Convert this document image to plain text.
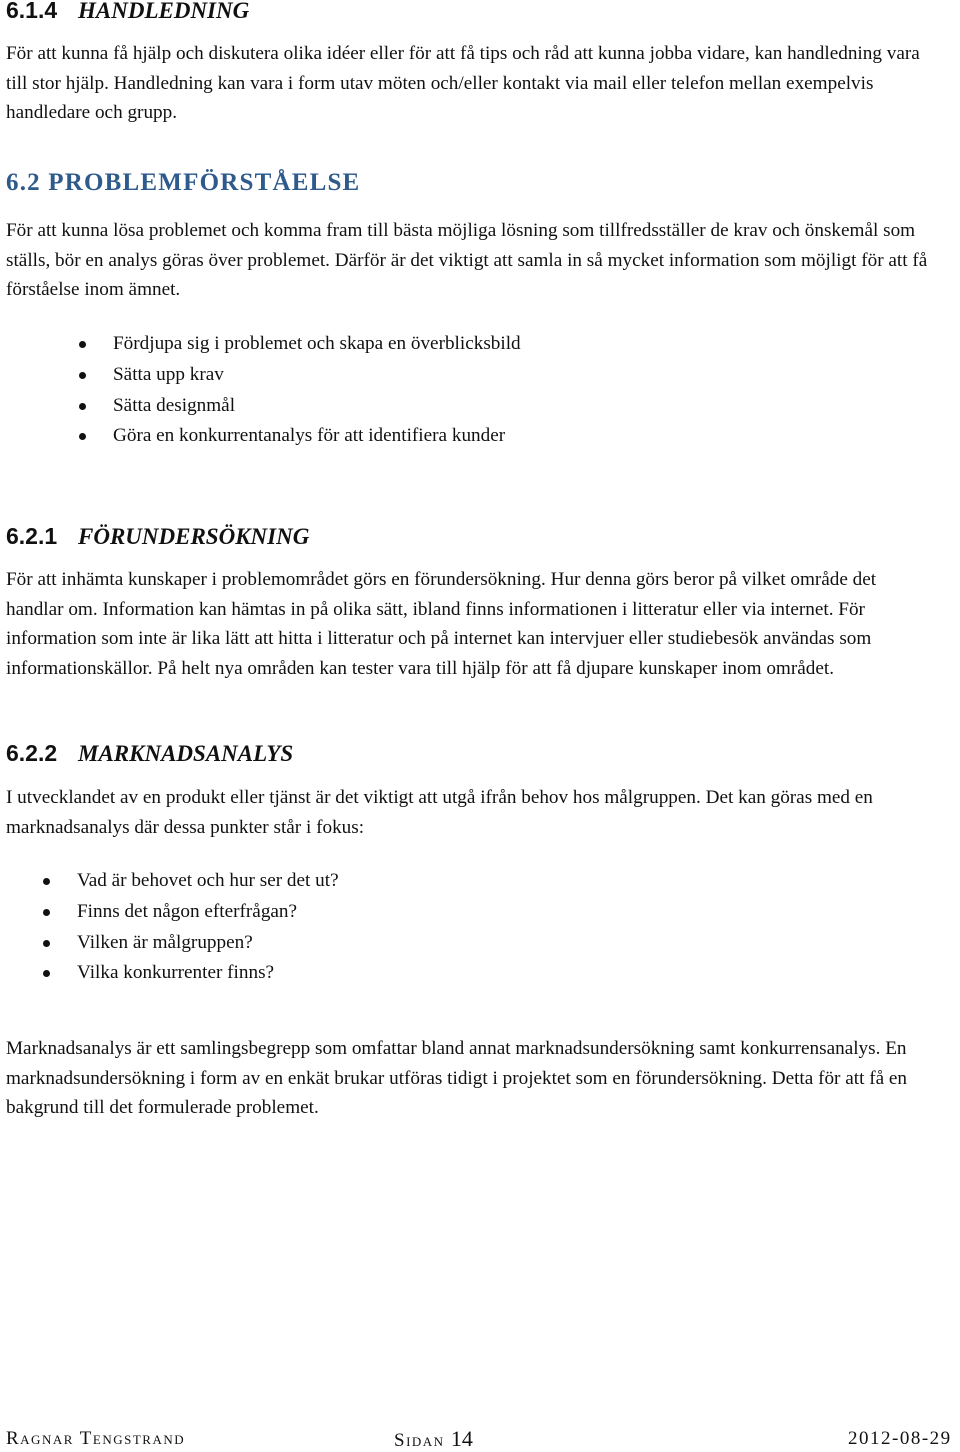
6.1.4 HANDLEDNING

För att kunna få hjälp och diskutera olika idéer eller för att få tips och råd att kunna jobba vidare, kan handledning vara till stor hjälp. Handledning kan vara i form utav möten och/eller kontakt via mail eller telefon mellan exempelvis handledare och grupp.

6.2 PROBLEMFÖRSTÅELSE

För att kunna lösa problemet och komma fram till bästa möjliga lösning som tillfredsställer de krav och önskemål som ställs, bör en analys göras över problemet. Därför är det viktigt att samla in så mycket information som möjligt för att få förståelse inom ämnet.

Fördjupa sig i problemet och skapa en överblicksbild
Sätta upp krav
Sätta designmål
Göra en konkurrentanalys för att identifiera kunder
6.2.1 FÖRUNDERSÖKNING

För att inhämta kunskaper i problemområdet görs en förundersökning. Hur denna görs beror på vilket område det handlar om. Information kan hämtas in på olika sätt, ibland finns informationen i litteratur eller via internet. För information som inte är lika lätt att hitta i litteratur och på internet kan intervjuer eller studiebesök användas som informationskällor. På helt nya områden kan tester vara till hjälp för att få djupare kunskaper inom området.

6.2.2 MARKNADSANALYS

I utvecklandet av en produkt eller tjänst är det viktigt att utgå ifrån behov hos målgruppen. Det kan göras med en marknadsanalys där dessa punkter står i fokus:

Vad är behovet och hur ser det ut?
Finns det någon efterfrågan?
Vilken är målgruppen?
Vilka konkurrenter finns?

Marknadsanalys är ett samlingsbegrepp som omfattar bland annat marknadsundersökning samt konkurrensanalys. En marknadsundersökning i form av en enkät brukar utföras tidigt i projektet som en förundersökning. Detta för att få en bakgrund till det formulerade problemet.

Ragnar Tengstrand	Sidan 14	2012-08-29
